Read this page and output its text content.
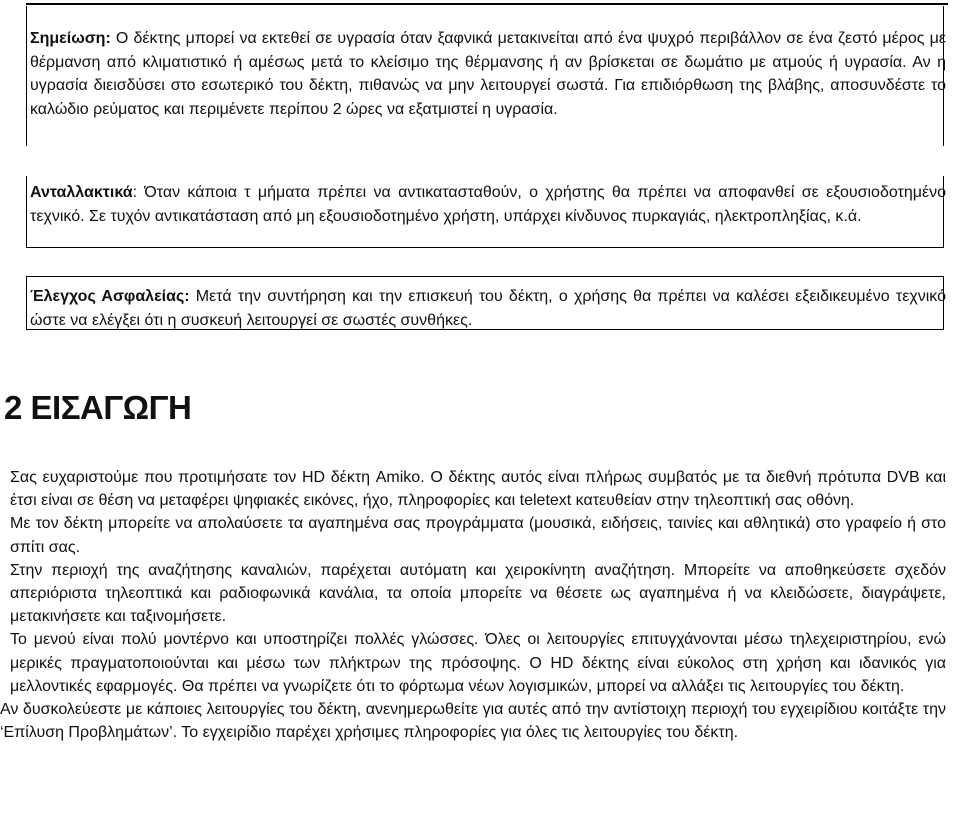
Σημείωση: O δέκτης μπορεί να εκτεθεί σε υγρασία όταν ξαφνικά μετακινείται από ένα ψυχρό περιβάλλον σε ένα ζεστό μέρος με θέρμανση από κλιματιστικό ή αμέσως μετά το κλείσιμο της θέρμανσης ή αν βρίσκεται σε δωμάτιο με ατμούς ή υγρασία. Αν η υγρασία διεισδύσει στο εσωτερικό του δέκτη, πιθανώς να μην λειτουργεί σωστά. Για επιδιόρθωση της βλάβης, αποσυνδέστε το καλώδιο ρεύματος και περιμένετε περίπου 2 ώρες να εξατμιστεί η υγρασία.

Ανταλλακτικά: Όταν κάποια τ μήματα πρέπει να αντικατασταθούν, ο χρήστης θα πρέπει να αποφανθεί σε εξουσιοδοτημένο τεχνικό. Σε τυχόν αντικατάσταση από μη εξουσιοδοτημένο χρήστη, υπάρχει κίνδυνος πυρκαγιάς, ηλεκτροπληξίας, κ.ά.

Έλεγχος Ασφαλείας: Μετά την συντήρηση και την επισκευή του δέκτη, ο χρήσης θα πρέπει να καλέσει εξειδικευμένο τεχνικό ώστε να ελέγξει ότι η συσκευή λειτουργεί σε σωστές συνθήκες.

2 ΕΙΣΑΓΩΓΗ

Σας ευχαριστούμε που προτιμήσατε τον HD δέκτη Amiko. O δέκτης αυτός είναι πλήρως συμβατός με τα διεθνή πρότυπα DVB και έτσι είναι σε θέση να μεταφέρει ψηφιακές εικόνες, ήχο, πληροφορίες και teletext κατευθείαν στην τηλεοπτική σας οθόνη.

Με τον δέκτη μπορείτε να απολαύσετε τα αγαπημένα σας προγράμματα (μουσικά, ειδήσεις, ταινίες και αθλητικά) στο γραφείο ή στο σπίτι σας.

Στην περιοχή της αναζήτησης καναλιών, παρέχεται αυτόματη και χειροκίνητη αναζήτηση. Μπορείτε να αποθηκεύσετε σχεδόν απεριόριστα τηλεοπτικά και ραδιοφωνικά κανάλια, τα οποία μπορείτε να θέσετε ως αγαπημένα ή να κλειδώσετε, διαγράψετε, μετακινήσετε και ταξινομήσετε.

Το μενού είναι πολύ μοντέρνο και υποστηρίζει πολλές γλώσσες. Όλες οι λειτουργίες επιτυγχάνονται μέσω τηλεχειριστηρίου, ενώ μερικές πραγματοποιούνται και μέσω των πλήκτρων της πρόσοψης. Ο HD δέκτης είναι εύκολος στη χρήση και ιδανικός για μελλοντικές εφαρμογές. Θα πρέπει να γνωρίζετε ότι το φόρτωμα νέων λογισμικών, μπορεί να αλλάξει τις λειτουργίες του δέκτη.

Αν δυσκολεύεστε με κάποιες λειτουργίες του δέκτη, ανενημερωθείτε για αυτές από την αντίστοιχη περιοχή του εγχειρίδιου κοιτάξτε την ‘Επίλυση Προβλημάτων’. Το εγχειρίδιο παρέχει χρήσιμες πληροφορίες για όλες τις λειτουργίες του δέκτη.
